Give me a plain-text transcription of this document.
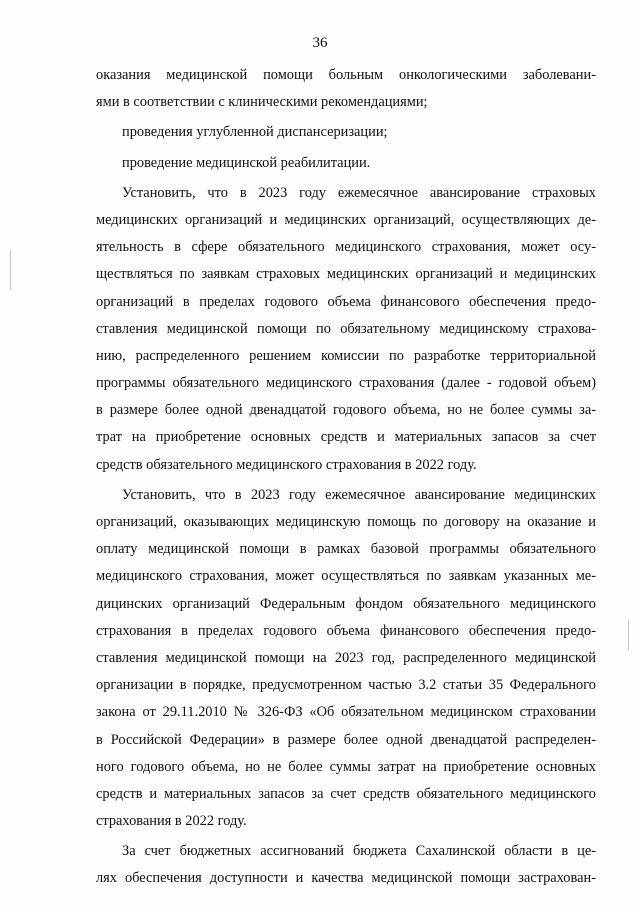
36
оказания медицинской помощи больным онкологическими заболевани-
ями в соответствии с клиническими рекомендациями;
проведения углубленной диспансеризации;
проведение медицинской реабилитации.
Установить, что в 2023 году ежемесячное авансирование страховых
медицинских организаций и медицинских организаций, осуществляющих де-
ятельность в сфере обязательного медицинского страхования, может осу-
ществляться по заявкам страховых медицинских организаций и медицинских
организаций в пределах годового объема финансового обеспечения предо-
ставления медицинской помощи по обязательному медицинскому страхова-
нию, распределенного решением комиссии по разработке территориальной
программы обязательного медицинского страхования (далее - годовой объем)
в размере более одной двенадцатой годового объема, но не более суммы за-
трат на приобретение основных средств и материальных запасов за счет
средств обязательного медицинского страхования в 2022 году.
Установить, что в 2023 году ежемесячное авансирование медицинских
организаций, оказывающих медицинскую помощь по договору на оказание и
оплату медицинской помощи в рамках базовой программы обязательного
медицинского страхования, может осуществляться по заявкам указанных ме-
дицинских организаций Федеральным фондом обязательного медицинского
страхования в пределах годового объема финансового обеспечения предо-
ставления медицинской помощи на 2023 год, распределенного медицинской
организации в порядке, предусмотренном частью 3.2 статьи 35 Федерального
закона от 29.11.2010 № 326-ФЗ «Об обязательном медицинском страховании
в Российской Федерации» в размере более одной двенадцатой распределен-
ного годового объема, но не более суммы затрат на приобретение основных
средств и материальных запасов за счет средств обязательного медицинского
страхования в 2022 году.
За счет бюджетных ассигнований бюджета Сахалинской области в це-
лях обеспечения доступности и качества медицинской помощи застрахован-
